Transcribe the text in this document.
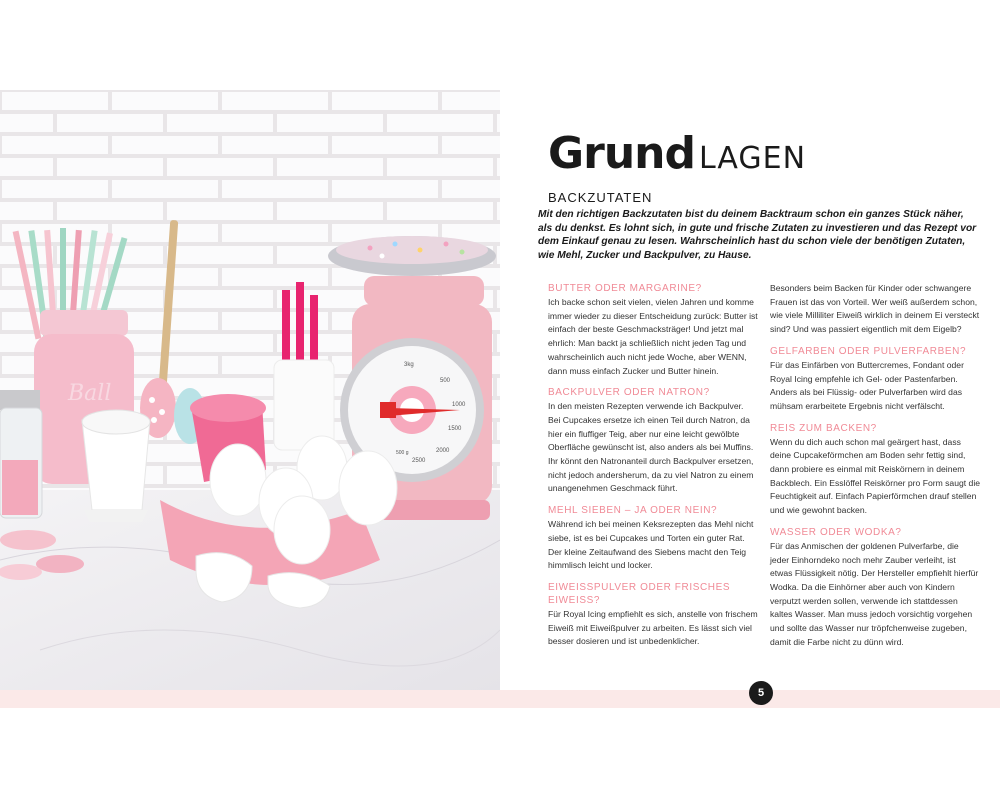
Ball
3kg
500
1000
1500
2000
2500
500 g
Grund LAGEN
BACKZUTATEN
Mit den richtigen Backzutaten bist du deinem Backtraum schon ein ganzes Stück näher, als du denkst. Es lohnt sich, in gute und frische Zutaten zu investieren und das Rezept vor dem Einkauf genau zu lesen. Wahrscheinlich hast du schon viele der benötigen Zutaten, wie Mehl, Zucker und Backpulver, zu Hause.
BUTTER ODER MARGARINE?

Ich backe schon seit vielen, vielen Jahren und komme immer wieder zu dieser Entscheidung zurück: Butter ist einfach der beste Geschmacksträger! Und jetzt mal ehrlich: Man backt ja schließlich nicht jeden Tag und wahrscheinlich auch nicht jede Woche, aber WENN, dann muss einfach Zucker und Butter hinein.

BACKPULVER ODER NATRON?

In den meisten Rezepten verwende ich Backpulver. Bei Cupcakes ersetze ich einen Teil durch Natron, da hier ein fluffiger Teig, aber nur eine leicht gewölbte Oberfläche gewünscht ist, also anders als bei Muffins. Ihr könnt den Natronanteil durch Backpulver ersetzen, nicht jedoch andersherum, da zu viel Natron zu einem unangenehmen Geschmack führt.

MEHL SIEBEN – JA ODER NEIN?

Während ich bei meinen Keksrezepten das Mehl nicht siebe, ist es bei Cupcakes und Torten ein guter Rat. Der kleine Zeitaufwand des Siebens macht den Teig himmlisch leicht und locker.

EIWEISSPULVER ODER FRISCHES EIWEISS?

Für Royal Icing empfiehlt es sich, anstelle von frischem Eiweiß mit Eiweißpulver zu arbeiten. Es lässt sich viel besser dosieren und ist unbedenklicher.

Besonders beim Backen für Kinder oder schwangere Frauen ist das von Vorteil. Wer weiß außerdem schon, wie viele Milliliter Eiweiß wirklich in deinem Ei versteckt sind? Und was passiert eigentlich mit dem Eigelb?

GELFARBEN ODER PULVERFARBEN?

Für das Einfärben von Buttercremes, Fondant oder Royal Icing empfehle ich Gel- oder Pastenfarben. Anders als bei Flüssig- oder Pulverfarben wird das mühsam erarbeitete Ergebnis nicht verfälscht.

REIS ZUM BACKEN?

Wenn du dich auch schon mal geärgert hast, dass deine Cupcakeförmchen am Boden sehr fettig sind, dann probiere es einmal mit Reiskörnern in deinem Backblech. Ein Esslöffel Reiskörner pro Form saugt die Feuchtigkeit auf. Einfach Papierförmchen drauf stellen und wie gewohnt backen.

WASSER ODER WODKA?

Für das Anmischen der goldenen Pulverfarbe, die jeder Einhorndeko noch mehr Zauber verleiht, ist etwas Flüssigkeit nötig. Der Hersteller empfiehlt hierfür Wodka. Da die Einhörner aber auch von Kindern verputzt werden sollen, verwende ich stattdessen kaltes Wasser. Man muss jedoch vorsichtig vorgehen und sollte das Wasser nur tröpfchenweise zugeben, damit die Farbe nicht zu dünn wird.

5
